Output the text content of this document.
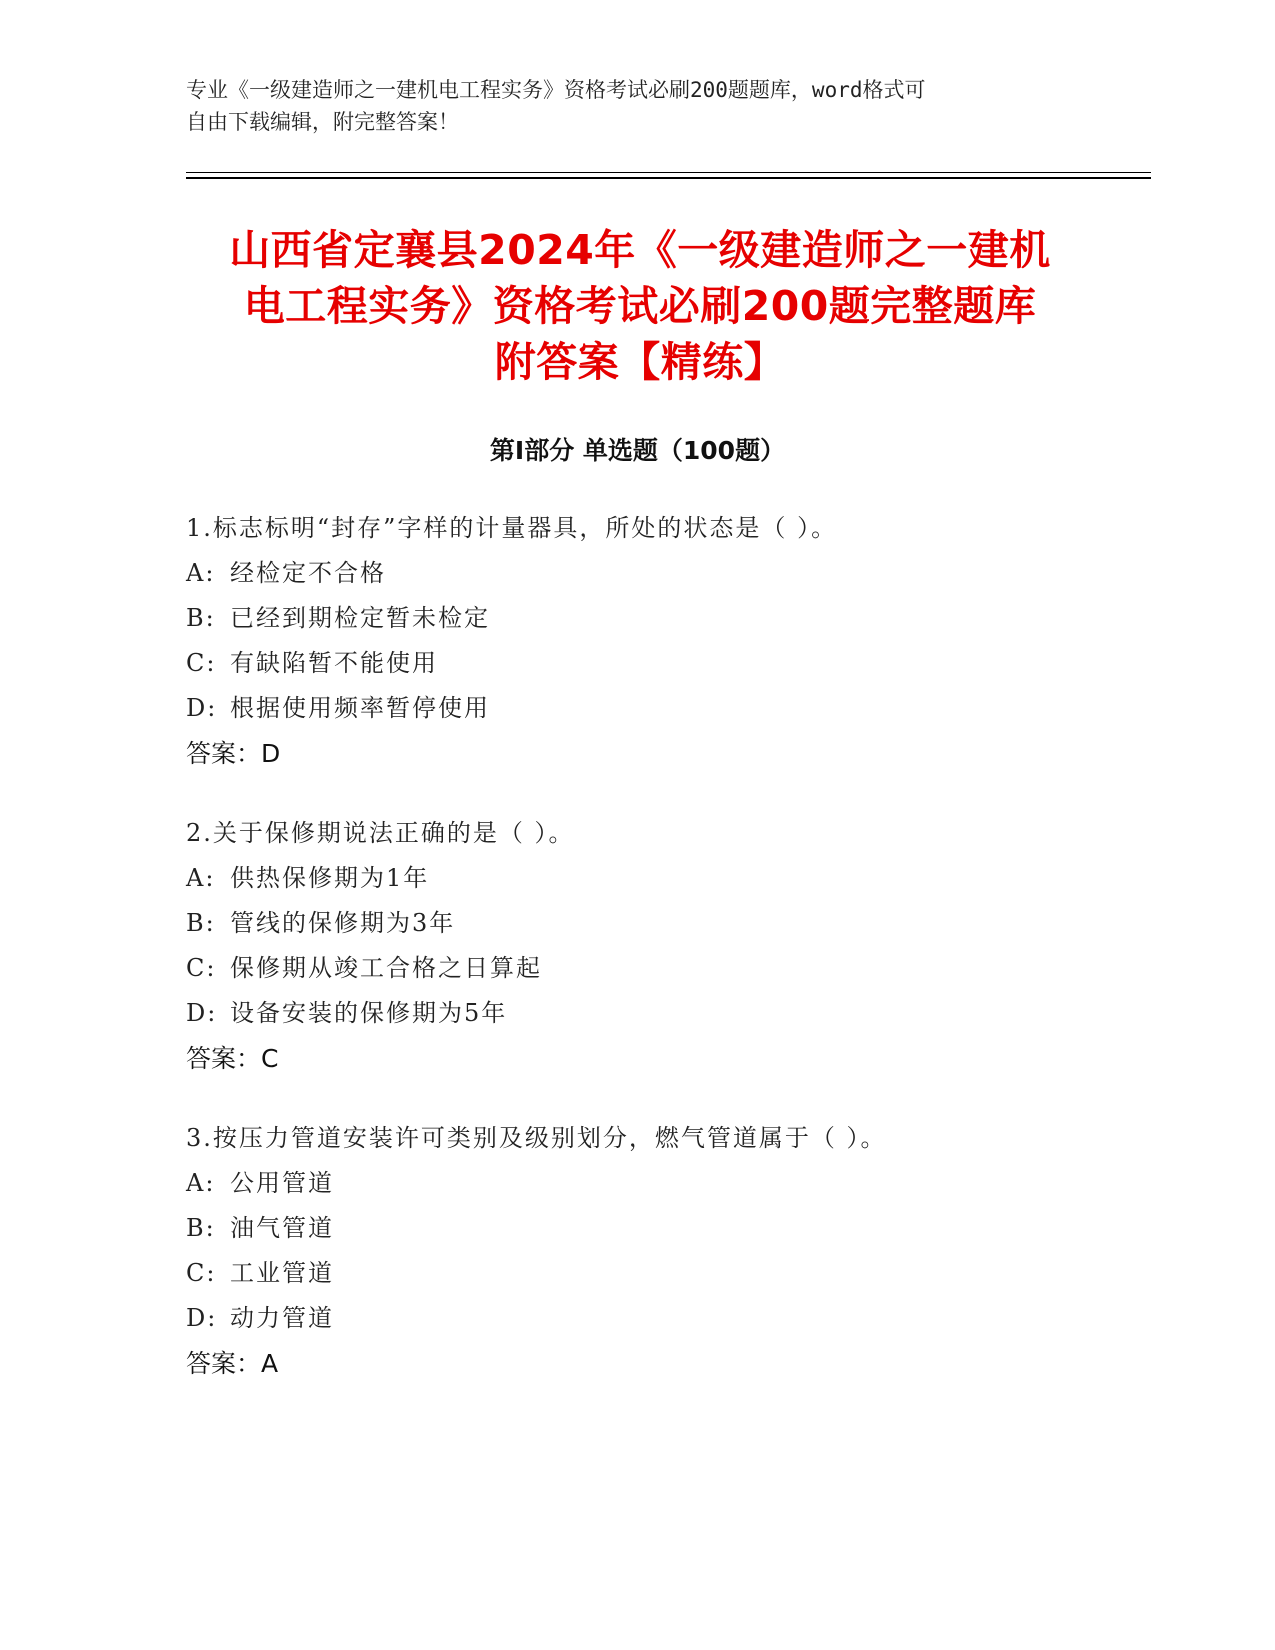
专业《一级建造师之一建机电工程实务》资格考试必刷200题题库，word格式可
自由下载编辑，附完整答案！
山西省定襄县2024年《一级建造师之一建机
电工程实务》资格考试必刷200题完整题库
附答案【精练】
第Ⅰ部分 单选题（100题）
1.标志标明“封存”字样的计量器具，所处的状态是（ ）。
A: 经检定不合格
B: 已经到期检定暂未检定
C: 有缺陷暂不能使用
D: 根据使用频率暂停使用
答案：D
2.关于保修期说法正确的是（ ）。
A: 供热保修期为1年
B: 管线的保修期为3年
C: 保修期从竣工合格之日算起
D: 设备安装的保修期为5年
答案：C
3.按压力管道安装许可类别及级别划分，燃气管道属于（ ）。
A: 公用管道
B: 油气管道
C: 工业管道
D: 动力管道
答案：A
